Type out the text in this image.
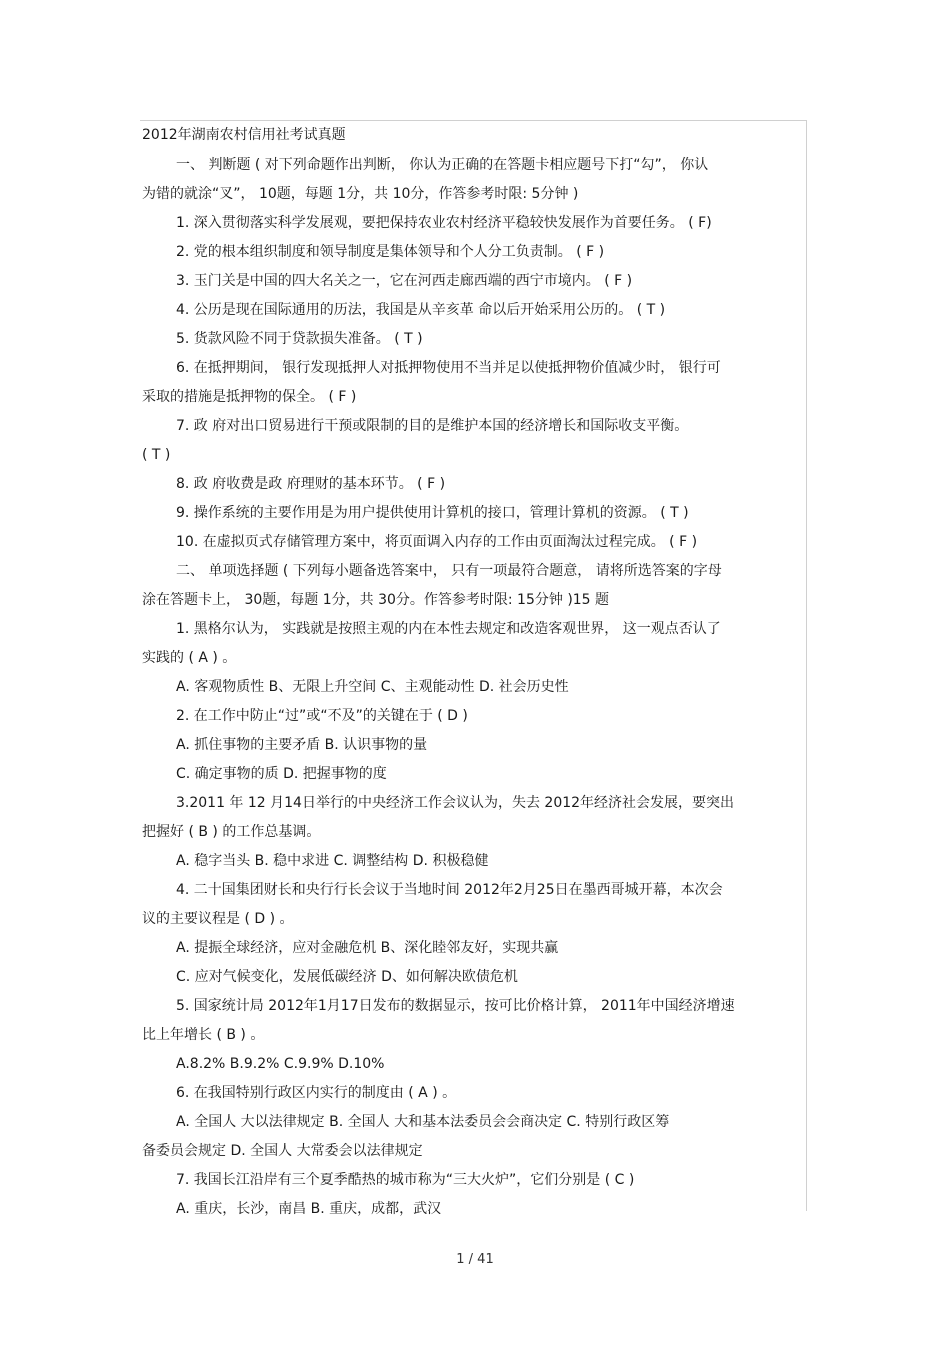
2012年湖南农村信用社考试真题
一、 判断题 ( 对下列命题作出判断， 你认为正确的在答题卡相应题号下打“勾”， 你认
为错的就涂“叉”， 10题，每题 1分，共 10分，作答参考时限: 5分钟 )
1. 深入贯彻落实科学发展观，要把保持农业农村经济平稳较快发展作为首要任务。 ( F)
2. 党的根本组织制度和领导制度是集体领导和个人分工负责制。 ( F )
3. 玉门关是中国的四大名关之一，它在河西走廊西端的西宁市境内。 ( F )
4. 公历是现在国际通用的历法，我国是从辛亥革 命以后开始采用公历的。 ( T )
5. 货款风险不同于贷款损失准备。 ( T )
6. 在抵押期间， 银行发现抵押人对抵押物使用不当并足以使抵押物价值减少时， 银行可
采取的措施是抵押物的保全。 ( F )
7. 政 府对出口贸易进行干预或限制的目的是维护本国的经济增长和国际收支平衡。
( T )
8. 政 府收费是政 府理财的基本环节。 ( F )
9. 操作系统的主要作用是为用户提供使用计算机的接口，管理计算机的资源。 ( T )
10. 在虚拟页式存储管理方案中，将页面调入内存的工作由页面淘汰过程完成。 ( F )
二、 单项选择题 ( 下列每小题备选答案中， 只有一项最符合题意， 请将所选答案的字母
涂在答题卡上， 30题，每题 1分，共 30分。作答参考时限: 15分钟 )15 题
1. 黑格尔认为， 实践就是按照主观的内在本性去规定和改造客观世界， 这一观点否认了
实践的 ( A ) 。
A. 客观物质性 B、无限上升空间 C、主观能动性 D. 社会历史性
2. 在工作中防止“过”或“不及”的关键在于 ( D )
A. 抓住事物的主要矛盾 B. 认识事物的量
C. 确定事物的质 D. 把握事物的度
3.2011 年 12 月14日举行的中央经济工作会议认为，失去 2012年经济社会发展，要突出
把握好 ( B ) 的工作总基调。
A. 稳字当头 B. 稳中求进 C. 调整结构 D. 积极稳健
4. 二十国集团财长和央行行长会议于当地时间 2012年2月25日在墨西哥城开幕，本次会
议的主要议程是 ( D ) 。
A. 提振全球经济，应对金融危机 B、深化睦邻友好，实现共赢
C. 应对气候变化，发展低碳经济 D、如何解决欧债危机
5. 国家统计局 2012年1月17日发布的数据显示，按可比价格计算， 2011年中国经济增速
比上年增长 ( B ) 。
A.8.2% B.9.2% C.9.9% D.10%
6. 在我国特别行政区内实行的制度由 ( A ) 。
A. 全国人 大以法律规定 B. 全国人 大和基本法委员会会商决定 C. 特别行政区筹
备委员会规定 D. 全国人 大常委会以法律规定
7. 我国长江沿岸有三个夏季酷热的城市称为“三大火炉”，它们分别是 ( C )
A. 重庆，长沙，南昌 B. 重庆，成都，武汉
1 / 41
